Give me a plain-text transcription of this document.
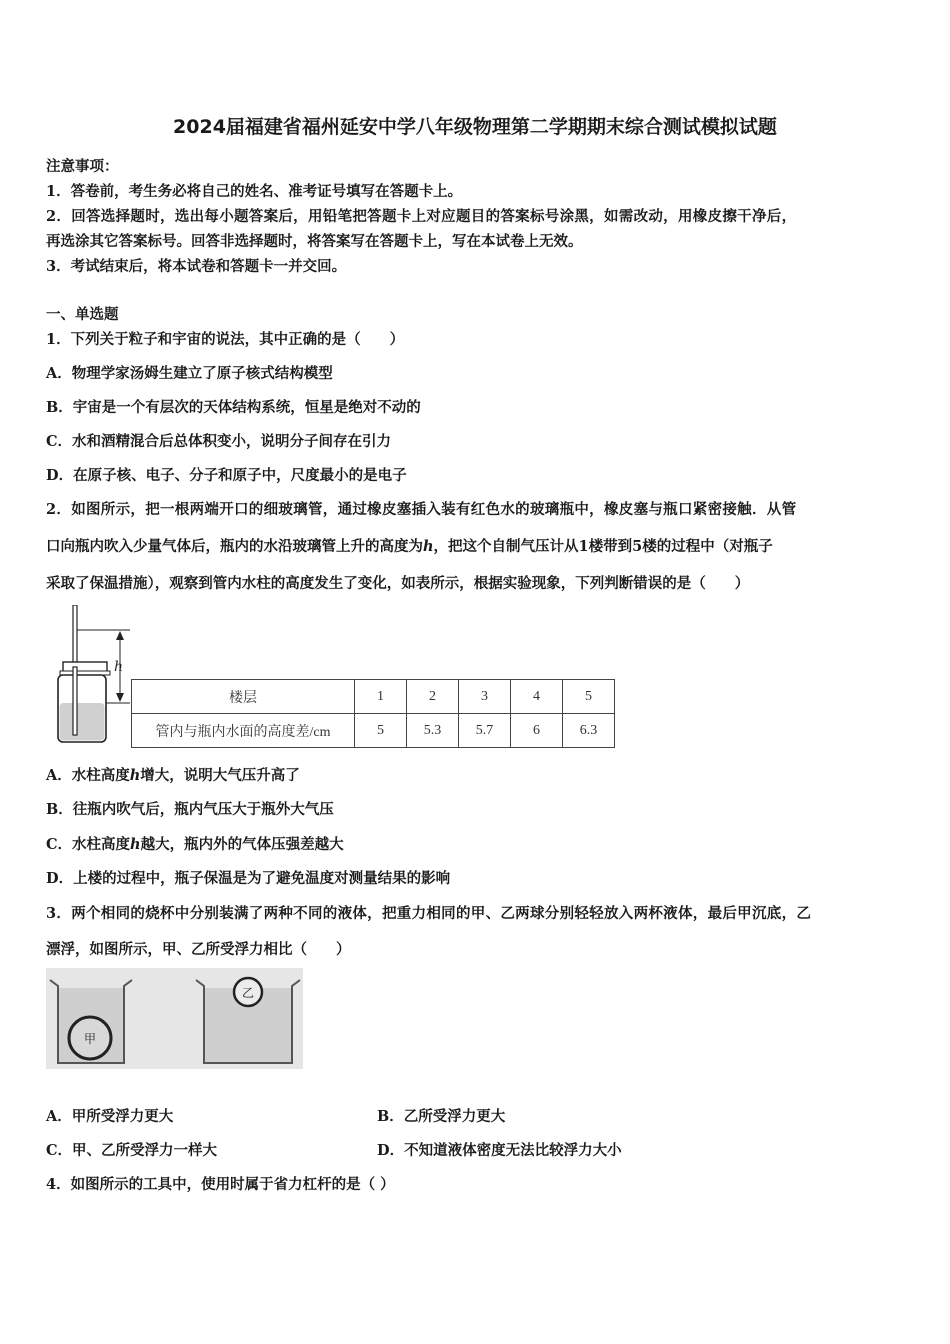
2024届福建省福州延安中学八年级物理第二学期期末综合测试模拟试题
注意事项：
1．答卷前，考生务必将自己的姓名、准考证号填写在答题卡上。
2．回答选择题时，选出每小题答案后，用铅笔把答题卡上对应题目的答案标号涂黑，如需改动，用橡皮擦干净后，
再选涂其它答案标号。回答非选择题时，将答案写在答题卡上，写在本试卷上无效。
3．考试结束后，将本试卷和答题卡一并交回。
一、单选题
1．下列关于粒子和宇宙的说法，其中正确的是（　　）
A．物理学家汤姆生建立了原子核式结构模型
B．宇宙是一个有层次的天体结构系统，恒星是绝对不动的
C．水和酒精混合后总体积变小，说明分子间存在引力
D．在原子核、电子、分子和原子中，尺度最小的是电子
2．如图所示，把一根两端开口的细玻璃管，通过橡皮塞插入装有红色水的玻璃瓶中，橡皮塞与瓶口紧密接触．从管
口向瓶内吹入少量气体后，瓶内的水沿玻璃管上升的高度为h，把这个自制气压计从1楼带到5楼的过程中（对瓶子
采取了保温措施），观察到管内水柱的高度发生了变化，如表所示，根据实验现象，下列判断错误的是（　　）
h
楼层	1	2	3	4	5
管内与瓶内水面的高度差/cm	5	5.3	5.7	6	6.3
A．水柱高度h增大，说明大气压升高了
B．往瓶内吹气后，瓶内气压大于瓶外大气压
C．水柱高度h越大，瓶内外的气体压强差越大
D．上楼的过程中，瓶子保温是为了避免温度对测量结果的影响
3．两个相同的烧杯中分别装满了两种不同的液体，把重力相同的甲、乙两球分别轻轻放入两杯液体，最后甲沉底，乙
漂浮，如图所示，甲、乙所受浮力相比（　　）
甲
乙
A．甲所受浮力更大	B．乙所受浮力更大
C．甲、乙所受浮力一样大	D．不知道液体密度无法比较浮力大小
4．如图所示的工具中，使用时属于省力杠杆的是（ ）
